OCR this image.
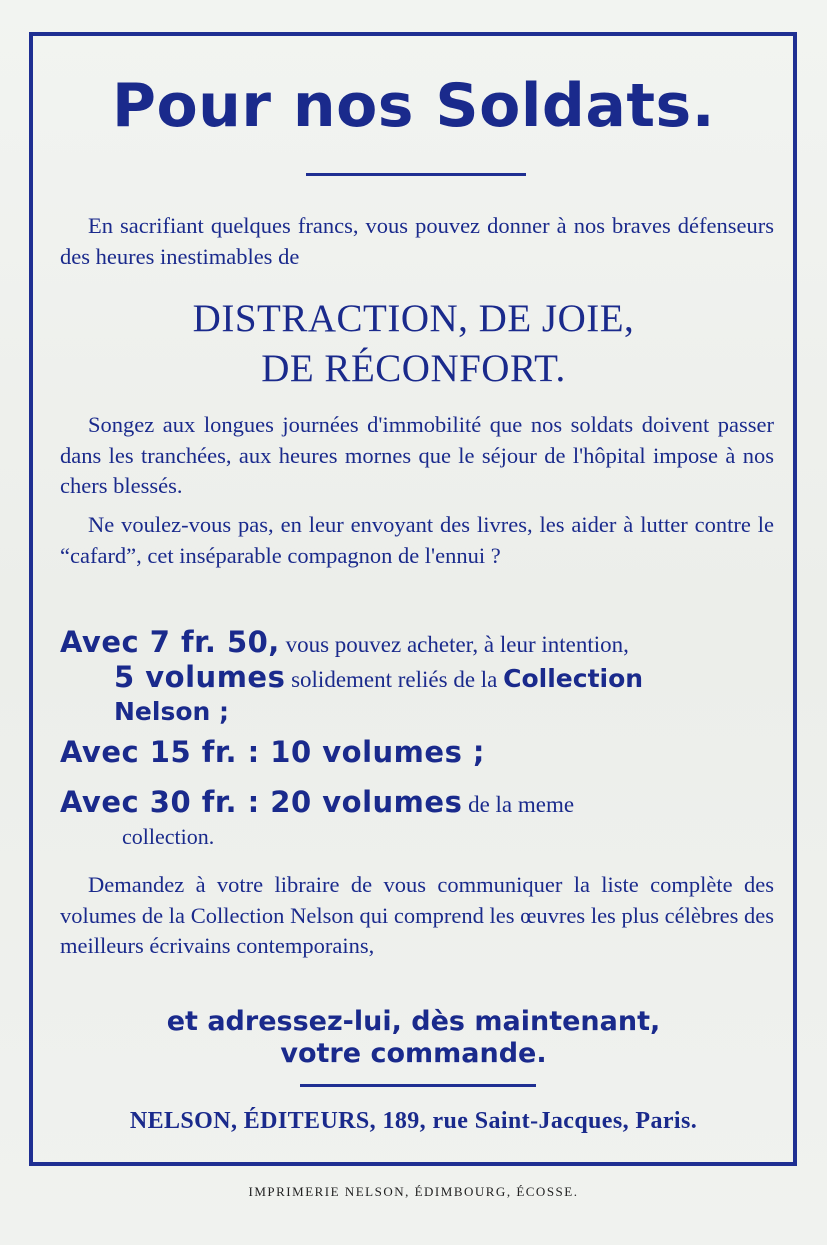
Pour nos Soldats.
En sacrifiant quelques francs, vous pouvez donner à nos braves défenseurs des heures inestimables de
DISTRACTION, DE JOIE,
DE RÉCONFORT.
Songez aux longues journées d'immobilité que nos soldats doivent passer dans les tranchées, aux heures mornes que le séjour de l'hôpital impose à nos chers blessés.
Ne voulez-vous pas, en leur envoyant des livres, les aider à lutter contre le “cafard”, cet inséparable compagnon de l'ennui ?
Avec 7 fr. 50, vous pouvez acheter, à leur intention,
5 volumes solidement reliés de la Collection
Nelson ;
Avec 15 fr. : 10 volumes ;
Avec 30 fr. : 20 volumes de la meme
collection.
Demandez à votre libraire de vous communiquer la liste complète des volumes de la Collection Nelson qui comprend les œuvres les plus célèbres des meilleurs écrivains contemporains,
et adressez-lui, dès maintenant,
votre commande.
NELSON, ÉDITEURS, 189, rue Saint-Jacques, Paris.
IMPRIMERIE NELSON, ÉDIMBOURG, ÉCOSSE.
